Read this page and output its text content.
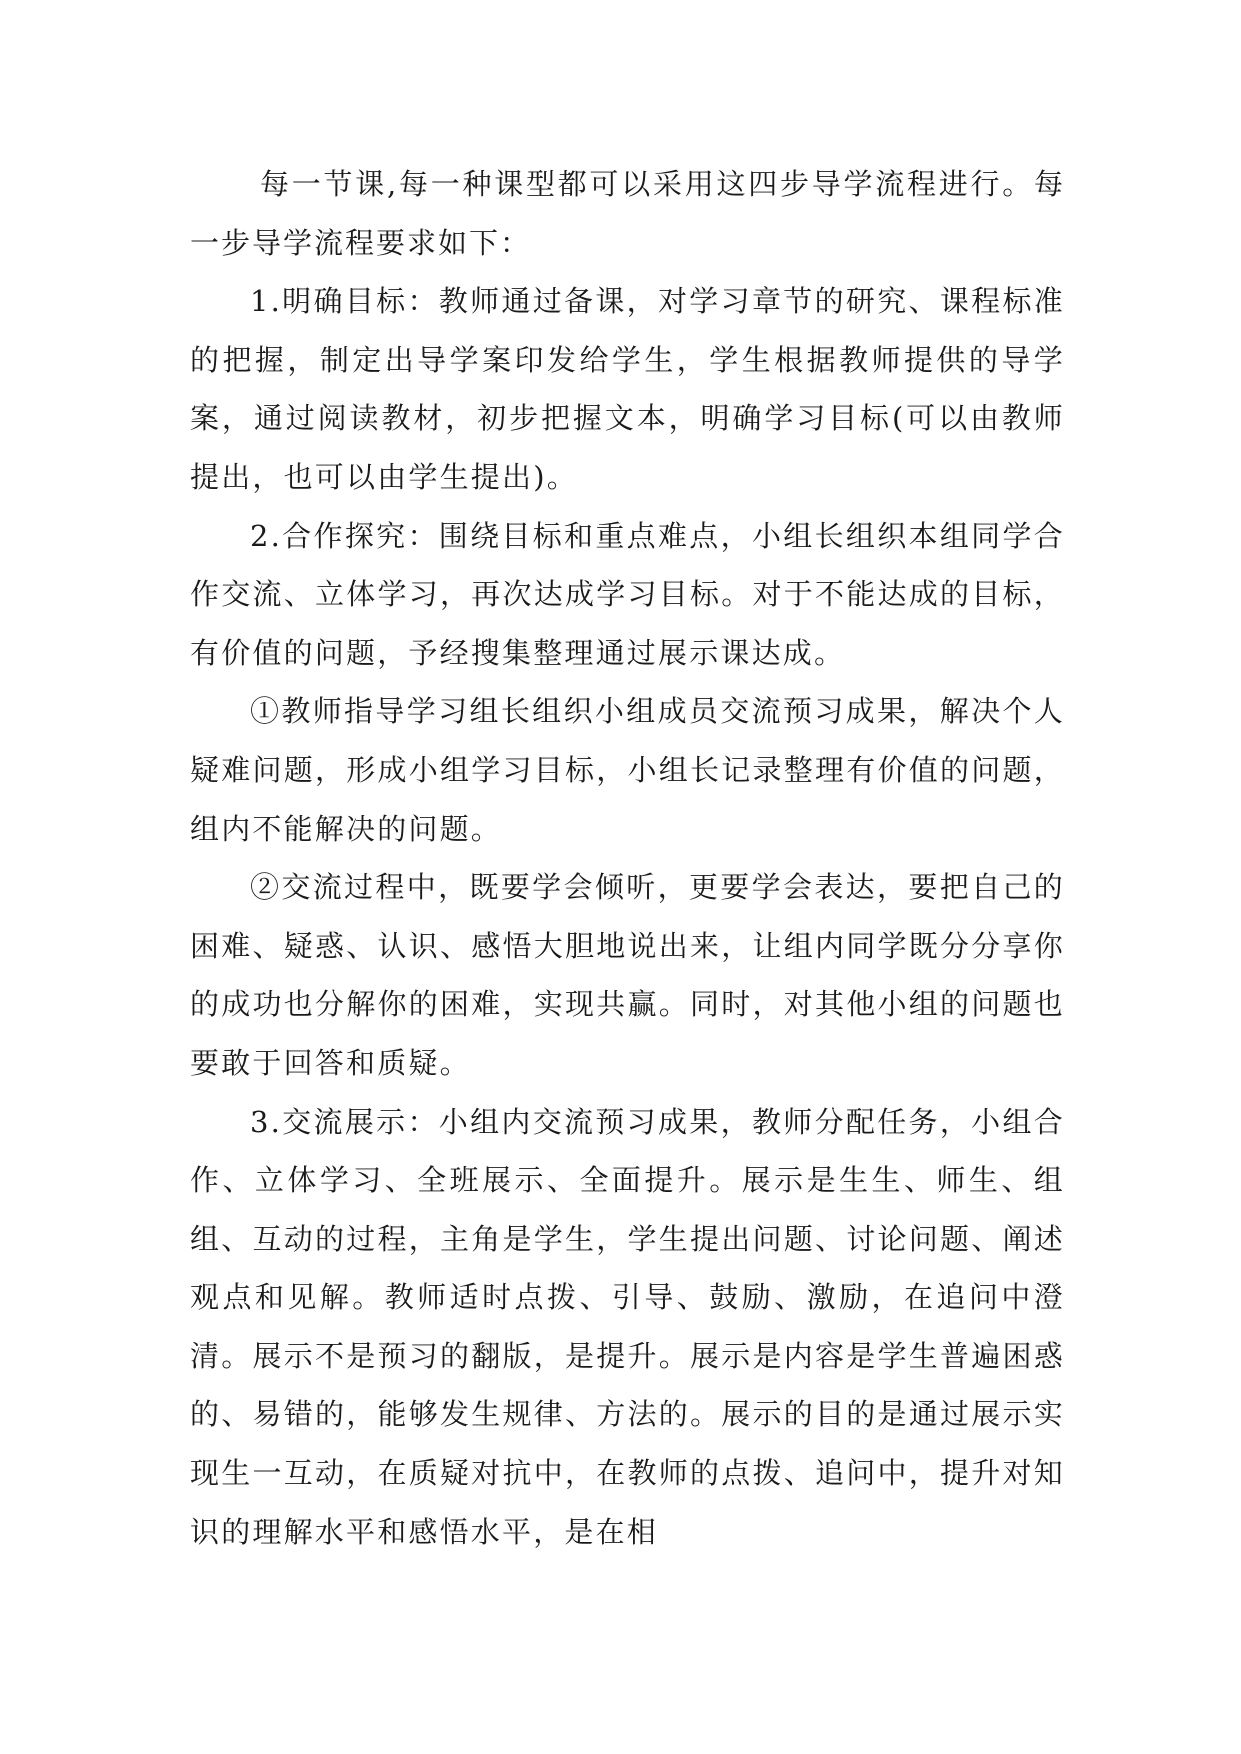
每一节课,每一种课型都可以采用这四步导学流程进行。每一步导学流程要求如下：

1.明确目标：教师通过备课，对学习章节的研究、课程标准的把握，制定出导学案印发给学生，学生根据教师提供的导学案，通过阅读教材，初步把握文本，明确学习目标(可以由教师提出，也可以由学生提出)。

2.合作探究：围绕目标和重点难点，小组长组织本组同学合作交流、立体学习，再次达成学习目标。对于不能达成的目标，有价值的问题，予经搜集整理通过展示课达成。

①教师指导学习组长组织小组成员交流预习成果，解决个人疑难问题，形成小组学习目标，小组长记录整理有价值的问题，组内不能解决的问题。

②交流过程中，既要学会倾听，更要学会表达，要把自己的困难、疑惑、认识、感悟大胆地说出来，让组内同学既分分享你的成功也分解你的困难，实现共赢。同时，对其他小组的问题也要敢于回答和质疑。

3.交流展示：小组内交流预习成果，教师分配任务，小组合作、立体学习、全班展示、全面提升。展示是生生、师生、组组、互动的过程，主角是学生，学生提出问题、讨论问题、阐述观点和见解。教师适时点拨、引导、鼓励、激励，在追问中澄清。展示不是预习的翻版，是提升。展示是内容是学生普遍困惑的、易错的，能够发生规律、方法的。展示的目的是通过展示实现生一互动，在质疑对抗中，在教师的点拨、追问中，提升对知识的理解水平和感悟水平，是在相
